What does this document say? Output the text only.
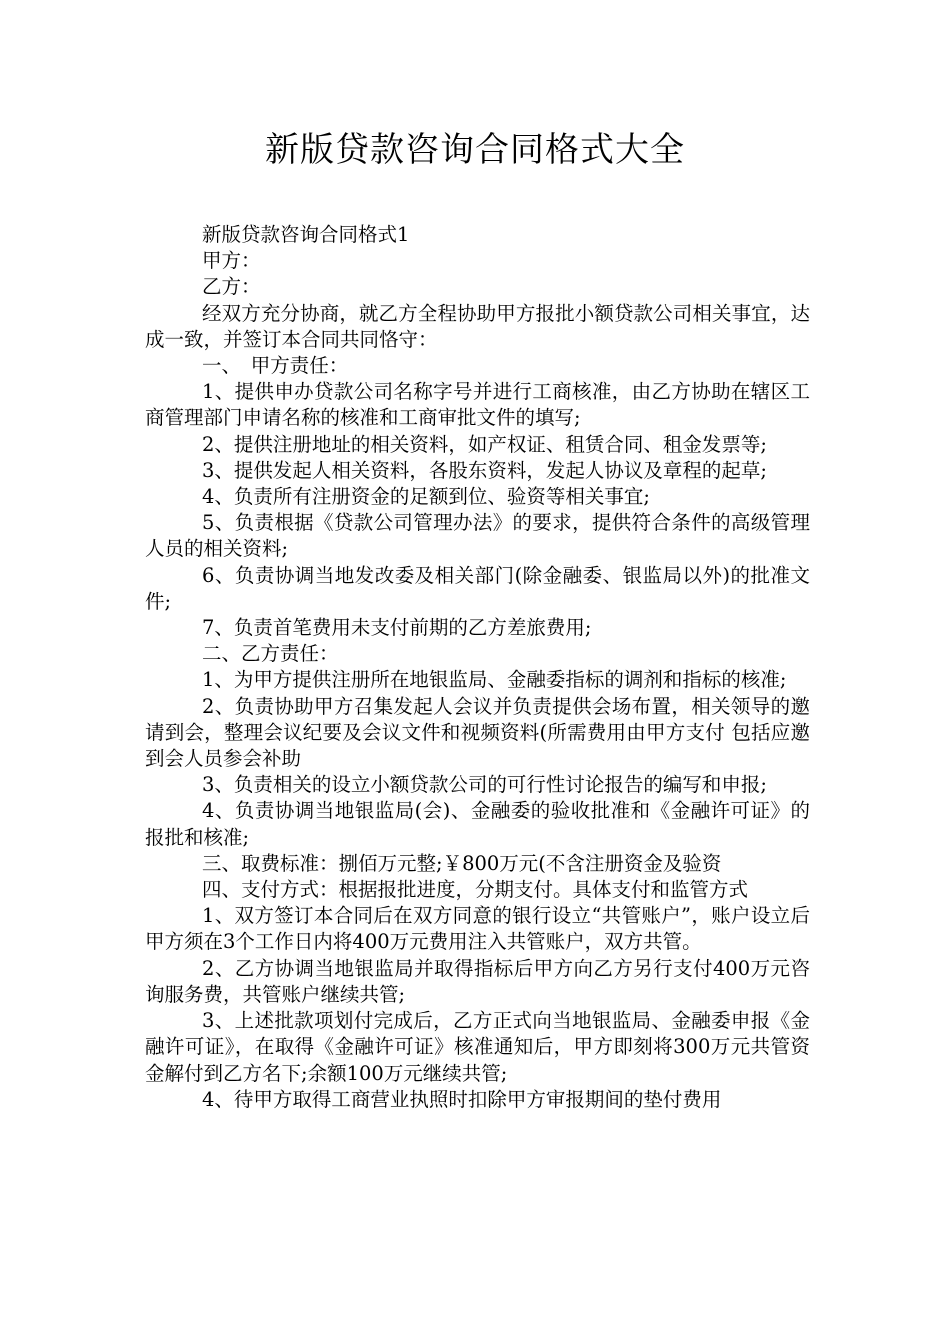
新版贷款咨询合同格式大全

新版贷款咨询合同格式1

甲方：

乙方：

经双方充分协商，就乙方全程协助甲方报批小额贷款公司相关事宜，达成一致，并签订本合同共同恪守：

一、　甲方责任：

1、提供申办贷款公司名称字号并进行工商核准，由乙方协助在辖区工商管理部门申请名称的核准和工商审批文件的填写;

2、提供注册地址的相关资料，如产权证、租赁合同、租金发票等;

3、提供发起人相关资料，各股东资料，发起人协议及章程的起草;

4、负责所有注册资金的足额到位、验资等相关事宜;

5、负责根据《贷款公司管理办法》的要求，提供符合条件的高级管理人员的相关资料;

6、负责协调当地发改委及相关部门(除金融委、银监局以外)的批准文件;

7、负责首笔费用未支付前期的乙方差旅费用;

二、乙方责任：

1、为甲方提供注册所在地银监局、金融委指标的调剂和指标的核准;

2、负责协助甲方召集发起人会议并负责提供会场布置，相关领导的邀请到会，整理会议纪要及会议文件和视频资料(所需费用由甲方支付 包括应邀到会人员参会补助

3、负责相关的设立小额贷款公司的可行性讨论报告的编写和申报;

4、负责协调当地银监局(会)、金融委的验收批准和《金融许可证》的报批和核准;

三、取费标准：捌佰万元整;￥800万元(不含注册资金及验资

四、支付方式：根据报批进度，分期支付。具体支付和监管方式

1、双方签订本合同后在双方同意的银行设立“共管账户”，账户设立后甲方须在3个工作日内将400万元费用注入共管账户，双方共管。

2、乙方协调当地银监局并取得指标后甲方向乙方另行支付400万元咨询服务费，共管账户继续共管;

3、上述批款项划付完成后，乙方正式向当地银监局、金融委申报《金融许可证》，在取得《金融许可证》核准通知后，甲方即刻将300万元共管资金解付到乙方名下;余额100万元继续共管;

4、待甲方取得工商营业执照时扣除甲方审报期间的垫付费用
